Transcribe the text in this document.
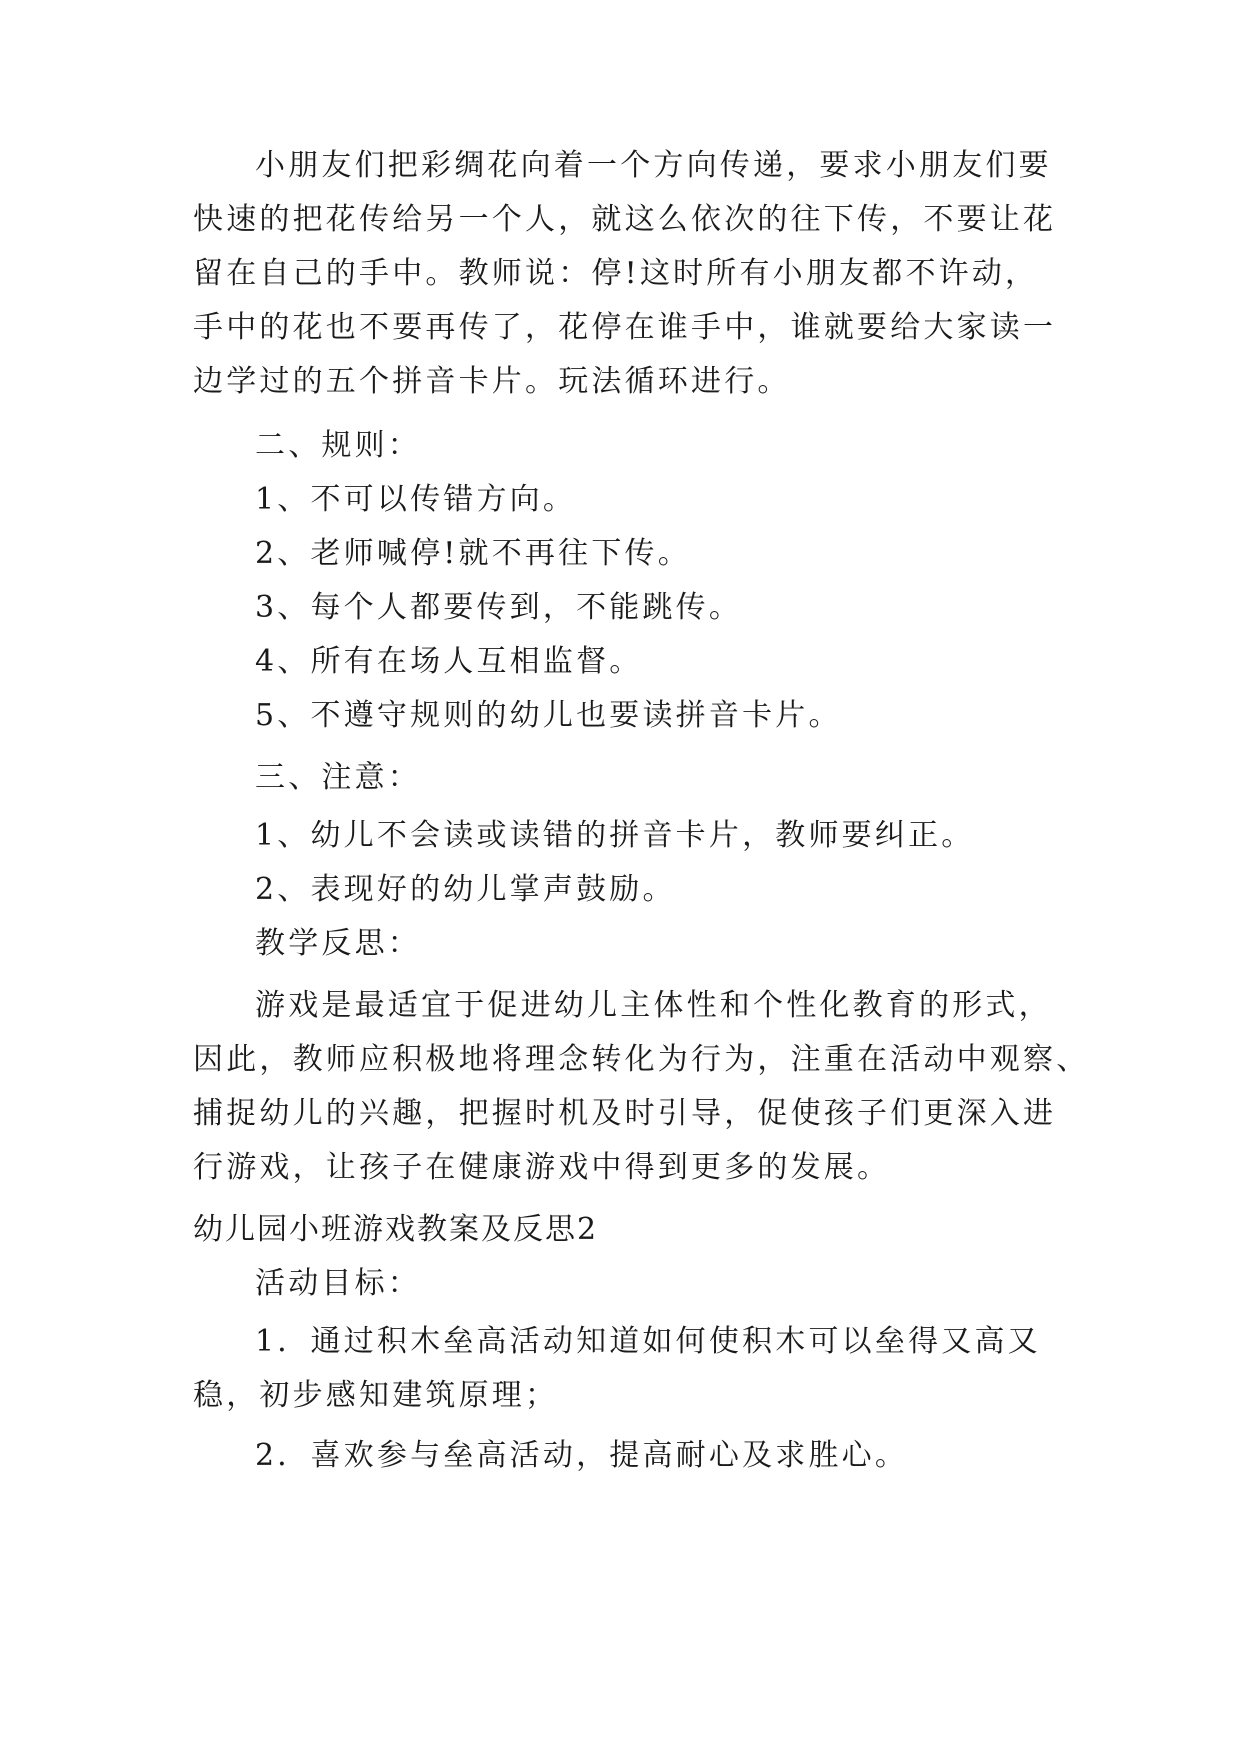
小朋友们把彩绸花向着一个方向传递，要求小朋友们要
快速的把花传给另一个人，就这么依次的往下传，不要让花
留在自己的手中。教师说：停!这时所有小朋友都不许动，
手中的花也不要再传了，花停在谁手中，谁就要给大家读一
边学过的五个拼音卡片。玩法循环进行。
二、规则：
1、不可以传错方向。
2、老师喊停!就不再往下传。
3、每个人都要传到，不能跳传。
4、所有在场人互相监督。
5、不遵守规则的幼儿也要读拼音卡片。
三、注意：
1、幼儿不会读或读错的拼音卡片，教师要纠正。
2、表现好的幼儿掌声鼓励。
教学反思：
游戏是最适宜于促进幼儿主体性和个性化教育的形式，
因此，教师应积极地将理念转化为行为，注重在活动中观察、
捕捉幼儿的兴趣，把握时机及时引导，促使孩子们更深入进
行游戏，让孩子在健康游戏中得到更多的发展。
幼儿园小班游戏教案及反思2
活动目标：
1．通过积木垒高活动知道如何使积木可以垒得又高又
稳，初步感知建筑原理；
2．喜欢参与垒高活动，提高耐心及求胜心。
